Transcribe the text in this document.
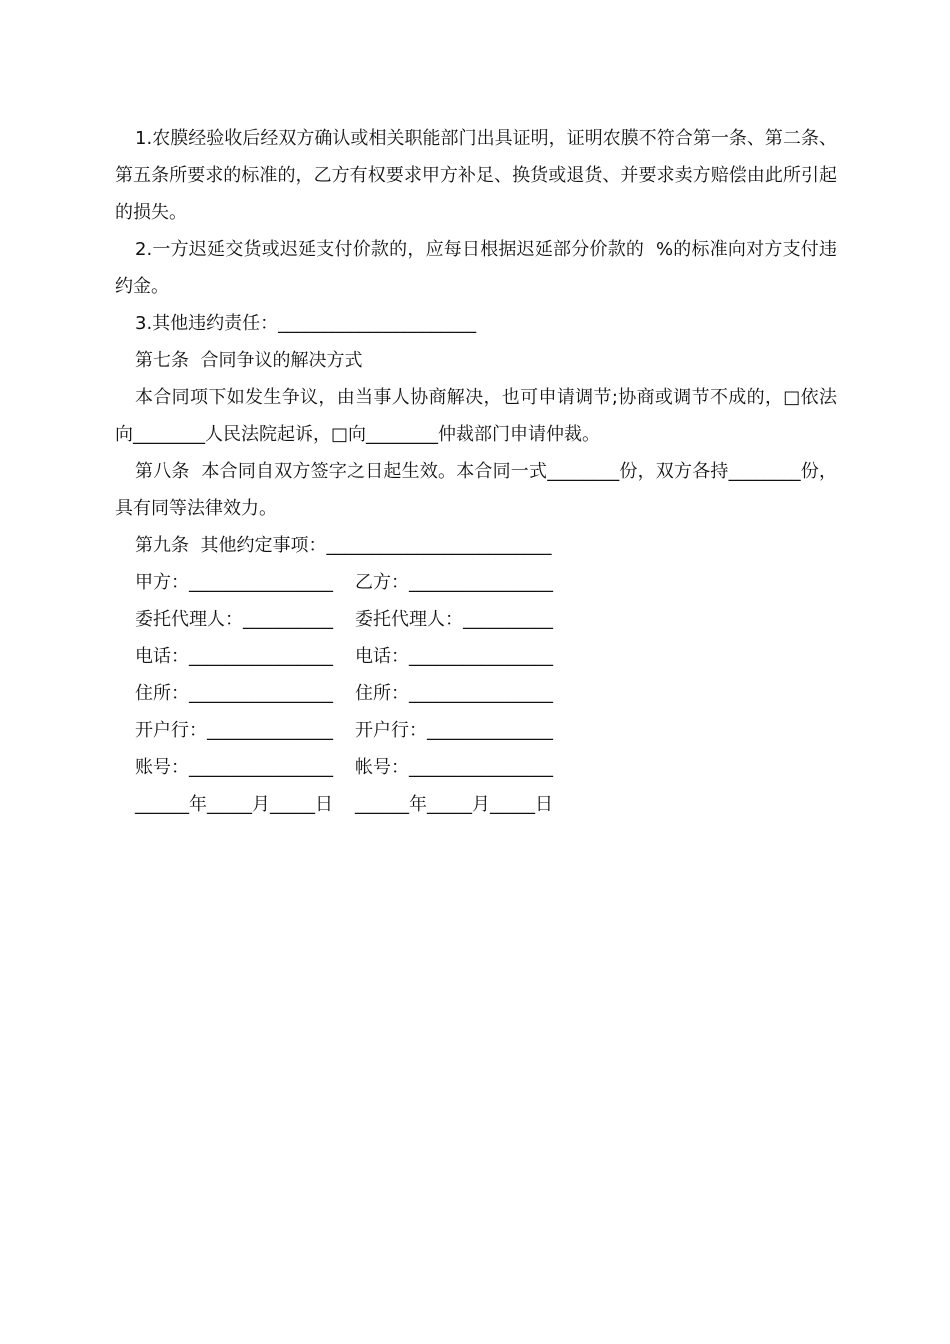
1.农膜经验收后经双方确认或相关职能部门出具证明，证明农膜不符合第一条、第二条、第五条所要求的标准的，乙方有权要求甲方补足、换货或退货、并要求卖方赔偿由此所引起的损失。

2.一方迟延交货或迟延支付价款的，应每日根据迟延部分价款的  %的标准向对方支付违约金。

3.其他违约责任：______________________

第七条  合同争议的解决方式

本合同项下如发生争议，由当事人协商解决，也可申请调节;协商或调节不成的，□依法向________人民法院起诉，□向________仲裁部门申请仲裁。

第八条  本合同自双方签字之日起生效。本合同一式________份，双方各持________份，具有同等法律效力。

第九条  其他约定事项：_________________________

甲方：________________

委托代理人：__________

电话：________________

住所：________________

开户行：______________

账号：________________

______年_____月_____日

乙方：________________

委托代理人：__________

电话：________________

住所：________________

开户行：______________

帐号：________________

______年_____月_____日
